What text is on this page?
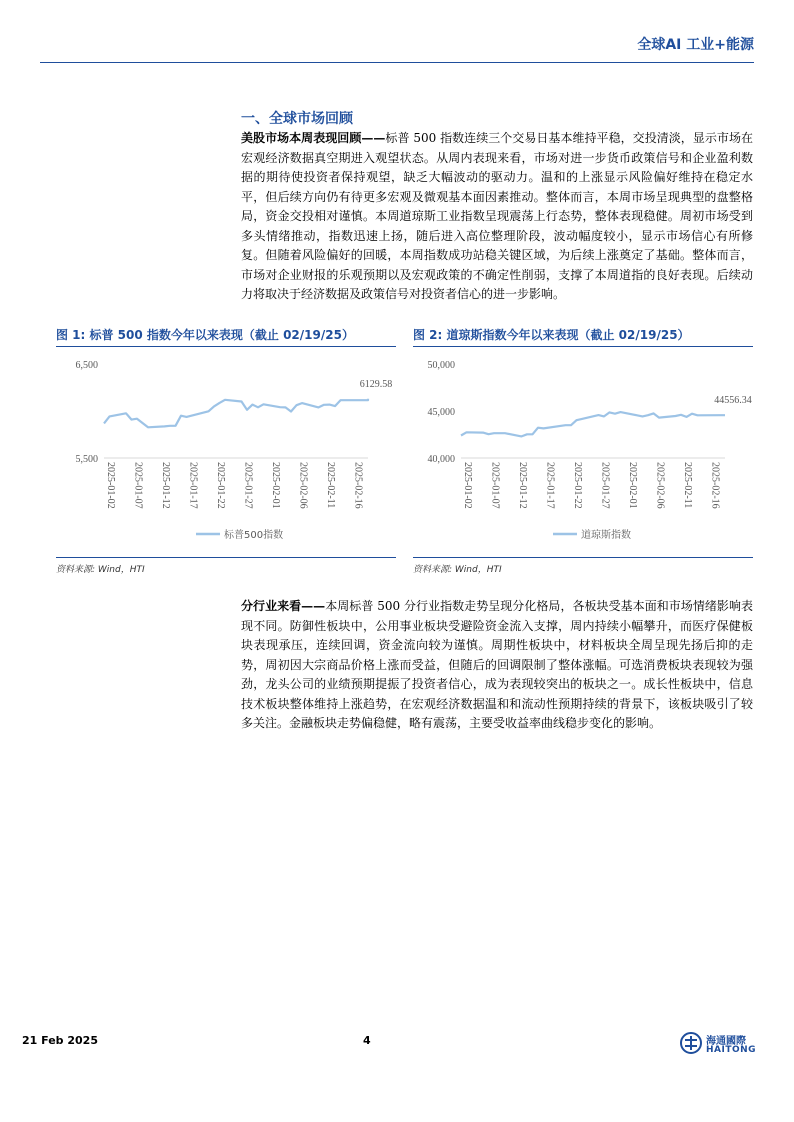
全球AI 工业+能源
一、全球市场回顾
美股市场本周表现回顾——标普 500 指数连续三个交易日基本维持平稳，交投清淡，显示市场在宏观经济数据真空期进入观望状态。从周内表现来看，市场对进一步货币政策信号和企业盈利数据的期待使投资者保持观望，缺乏大幅波动的驱动力。温和的上涨显示风险偏好维持在稳定水平，但后续方向仍有待更多宏观及微观基本面因素推动。整体而言，本周市场呈现典型的盘整格局，资金交投相对谨慎。本周道琼斯工业指数呈现震荡上行态势，整体表现稳健。周初市场受到多头情绪推动，指数迅速上扬，随后进入高位整理阶段，波动幅度较小，显示市场信心有所修复。但随着风险偏好的回暖，本周指数成功站稳关键区域，为后续上涨奠定了基础。整体而言，市场对企业财报的乐观预期以及宏观政策的不确定性削弱，支撑了本周道指的良好表现。后续动力将取决于经济数据及政策信号对投资者信心的进一步影响。
图 1: 标普 500 指数今年以来表现（截止 02/19/25）
6,500
5,500
2025-01-02 2025-01-07 2025-01-12 2025-01-17 2025-01-22 2025-01-27 2025-02-01 2025-02-06 2025-02-11 2025-02-16
6129.58
标普500指数
资料来源: Wind，HTI
图 2: 道琼斯指数今年以来表现（截止 02/19/25）
50,000
45,000
40,000
2025-01-02 2025-01-07 2025-01-12 2025-01-17 2025-01-22 2025-01-27 2025-02-01 2025-02-06 2025-02-11 2025-02-16
44556.34
道琼斯指数
资料来源: Wind，HTI
分行业来看——本周标普 500 分行业指数走势呈现分化格局，各板块受基本面和市场情绪影响表现不同。防御性板块中，公用事业板块受避险资金流入支撑，周内持续小幅攀升，而医疗保健板块表现承压，连续回调，资金流向较为谨慎。周期性板块中，材料板块全周呈现先扬后抑的走势，周初因大宗商品价格上涨而受益，但随后的回调限制了整体涨幅。可选消费板块表现较为强劲，龙头公司的业绩预期提振了投资者信心，成为表现较突出的板块之一。成长性板块中，信息技术板块整体维持上涨趋势，在宏观经济数据温和和流动性预期持续的背景下，该板块吸引了较多关注。金融板块走势偏稳健，略有震荡，主要受收益率曲线稳步变化的影响。
21 Feb 2025	4	海通國際
HAITONG
